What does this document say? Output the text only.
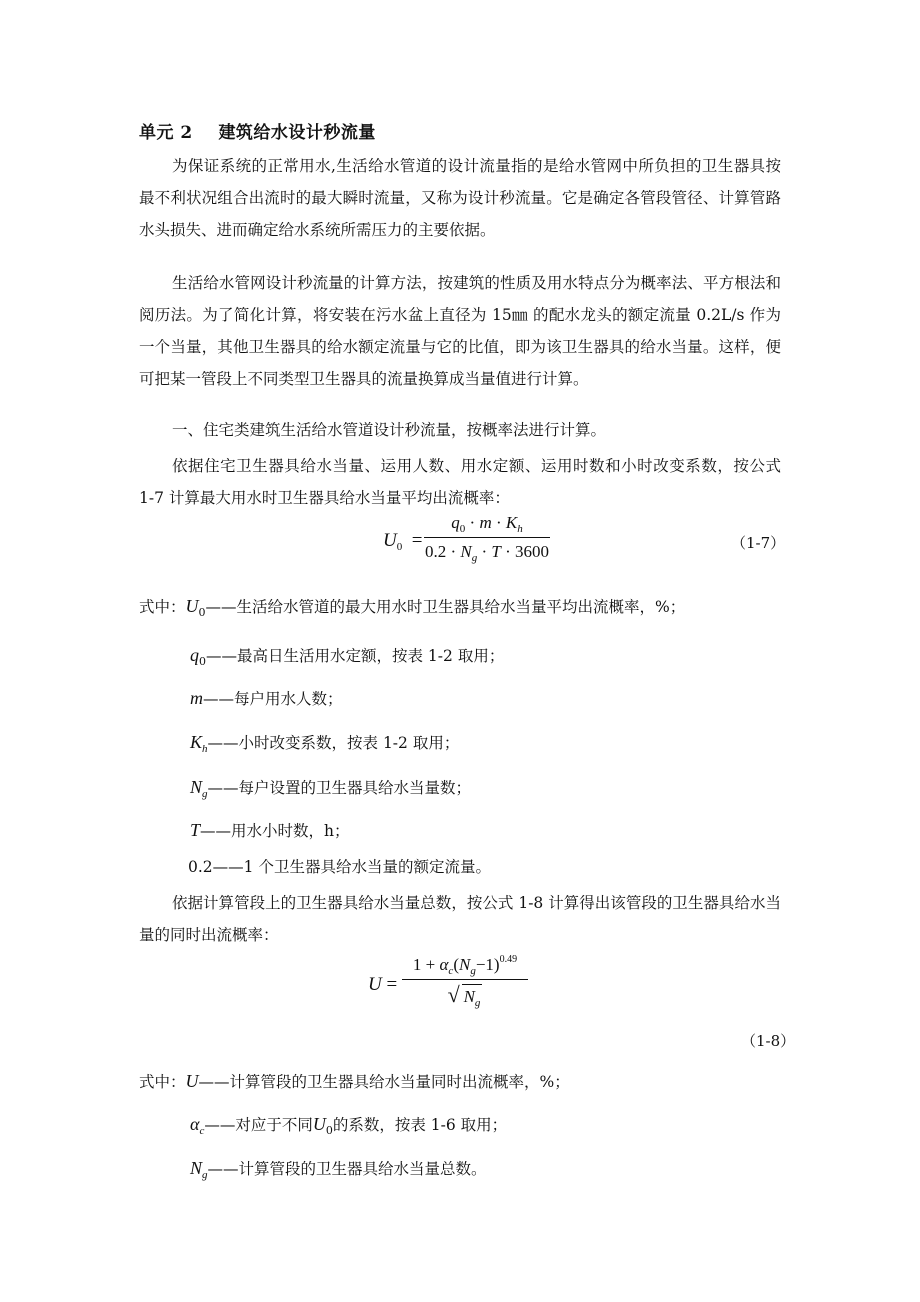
单元 2 建筑给水设计秒流量
为保证系统的正常用水,生活给水管道的设计流量指的是给水管网中所负担的卫生器具按最不利状况组合出流时的最大瞬时流量，又称为设计秒流量。它是确定各管段管径、计算管路水头损失、进而确定给水系统所需压力的主要依据。
生活给水管网设计秒流量的计算方法，按建筑的性质及用水特点分为概率法、平方根法和阅历法。为了简化计算，将安装在污水盆上直径为 15㎜ 的配水龙头的额定流量 0.2L/s 作为一个当量，其他卫生器具的给水额定流量与它的比值，即为该卫生器具的给水当量。这样，便可把某一管段上不同类型卫生器具的流量换算成当量值进行计算。
一、住宅类建筑生活给水管道设计秒流量，按概率法进行计算。
依据住宅卫生器具给水当量、运用人数、用水定额、运用时数和小时改变系数，按公式 1-7 计算最大用水时卫生器具给水当量平均出流概率：
$U_0 = \frac{q_0 \cdot m \cdot K_h}{0.2 \cdot N_g \cdot T \cdot 3600}$	（1-7）
式中：$U_0——$生活给水管道的最大用水时卫生器具给水当量平均出流概率，%；
$q_0——$最高日生活用水定额，按表 1-2 取用；
m——每户用水人数；
$K_h——$小时改变系数，按表 1-2 取用；
$N_g——$每户设置的卫生器具给水当量数；
T——用水小时数，h；
0.2——1 个卫生器具给水当量的额定流量。
依据计算管段上的卫生器具给水当量总数，按公式 1-8 计算得出该管段的卫生器具给水当量的同时出流概率：
$U = \frac{1 + \alpha_c(N_g-1)^{0.49}}{√ N_g}$
（1-8）
式中：U——计算管段的卫生器具给水当量同时出流概率，%；
$\alpha_c——$对应于不同$U_0$的系数，按表 1-6 取用；
$N_g——$计算管段的卫生器具给水当量总数。
